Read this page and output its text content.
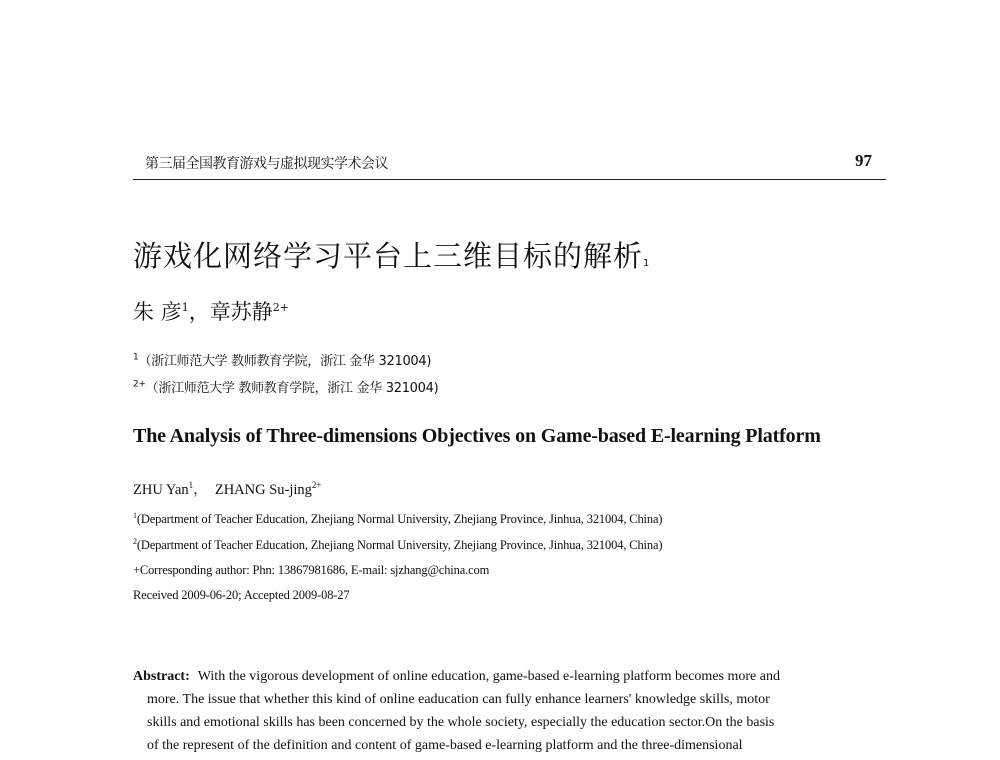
第三届全国教育游戏与虚拟现实学术会议	97
游戏化网络学习平台上三维目标的解析1
朱 彦$^1$，章苏静$^{2+}$
$^1$（浙江师范大学 教师教育学院，浙江 金华 321004)
$^{2+}$（浙江师范大学 教师教育学院，浙江 金华 321004)
The Analysis of Three-dimensions Objectives on Game-based E-learning Platform
ZHU Yan$^1$， ZHANG Su-jing$^{2+}$
$^1$(Department of Teacher Education, Zhejiang Normal University, Zhejiang Province, Jinhua, 321004, China)
$^2$(Department of Teacher Education, Zhejiang Normal University, Zhejiang Province, Jinhua, 321004, China)
+Corresponding author: Phn: 13867981686, E-mail: sjzhang@china.com
Received 2009-06-20; Accepted 2009-08-27
Abstract: With the vigorous development of online education, game-based e-learning platform becomes more and
more. The issue that whether this kind of online eaducation can fully enhance learners' knowledge skills, motor
skills and emotional skills has been concerned by the whole society, especially the education sector.On the basis
of the represent of the definition and content of game-based e-learning platform and the three-dimensional
